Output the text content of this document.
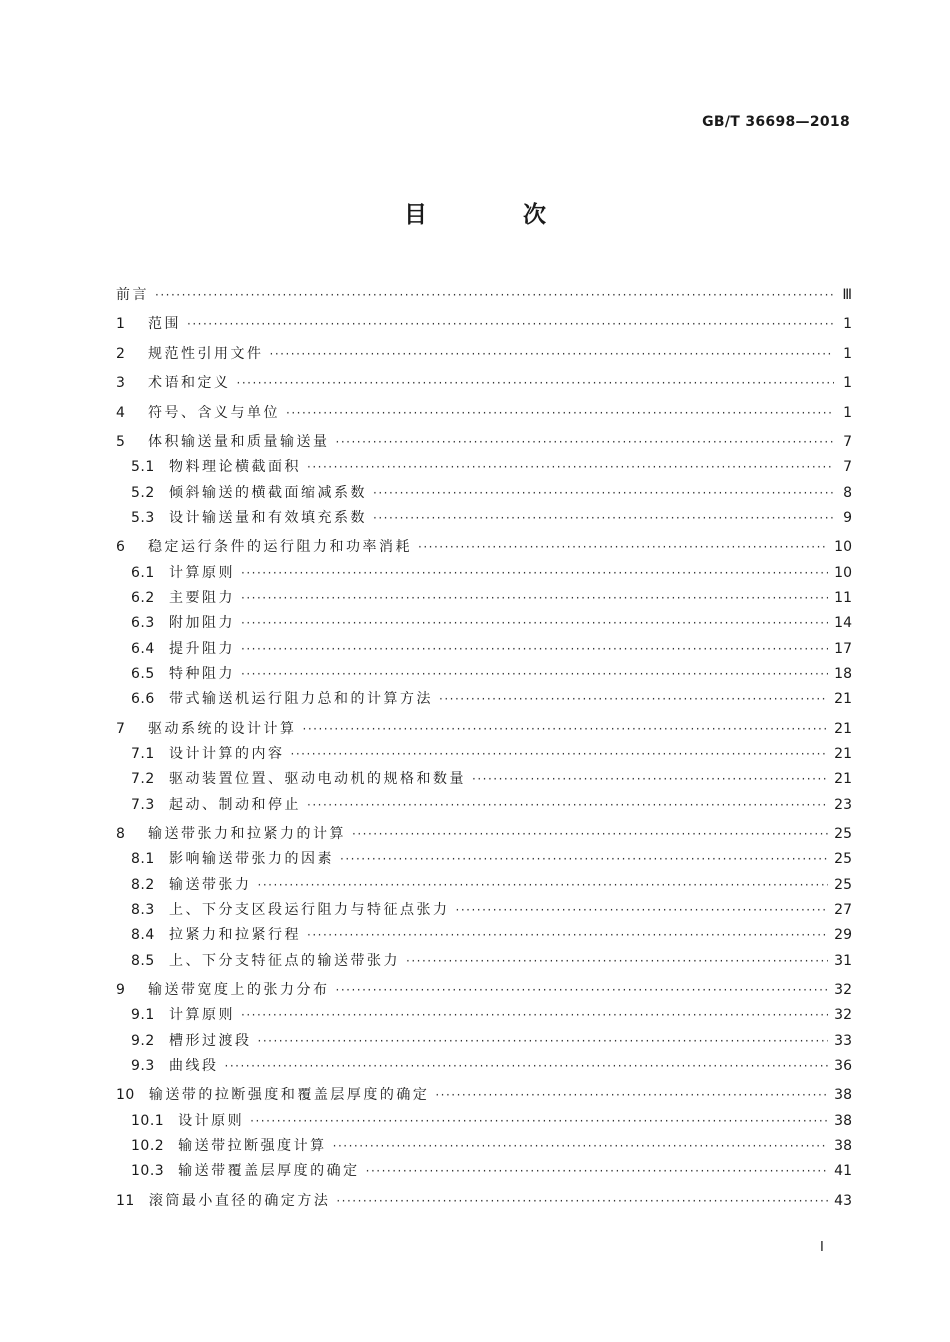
GB/T 36698—2018
目 次
前言 ·····	Ⅲ
1	范围 ·····	1
2	规范性引用文件 ·····	1
3	术语和定义 ·····	1
4	符号、含义与单位 ·····	1
5	体积输送量和质量输送量 ·····	7
5.1	物料理论横截面积 ·····	7
5.2	倾斜输送的横截面缩减系数 ·····	8
5.3	设计输送量和有效填充系数 ·····	9
6	稳定运行条件的运行阻力和功率消耗 ·····	10
6.1	计算原则 ·····	10
6.2	主要阻力 ·····	11
6.3	附加阻力 ·····	14
6.4	提升阻力 ·····	17
6.5	特种阻力 ·····	18
6.6	带式输送机运行阻力总和的计算方法 ·····	21
7	驱动系统的设计计算 ·····	21
7.1	设计计算的内容 ·····	21
7.2	驱动装置位置、驱动电动机的规格和数量 ·····	21
7.3	起动、制动和停止 ·····	23
8	输送带张力和拉紧力的计算 ·····	25
8.1	影响输送带张力的因素 ·····	25
8.2	输送带张力 ·····	25
8.3	上、下分支区段运行阻力与特征点张力 ·····	27
8.4	拉紧力和拉紧行程 ·····	29
8.5	上、下分支特征点的输送带张力 ·····	31
9	输送带宽度上的张力分布 ·····	32
9.1	计算原则 ·····	32
9.2	槽形过渡段 ·····	33
9.3	曲线段 ·····	36
10	输送带的拉断强度和覆盖层厚度的确定 ·····	38
10.1	设计原则 ·····	38
10.2	输送带拉断强度计算 ·····	38
10.3	输送带覆盖层厚度的确定 ·····	41
11	滚筒最小直径的确定方法 ·····	43
I
